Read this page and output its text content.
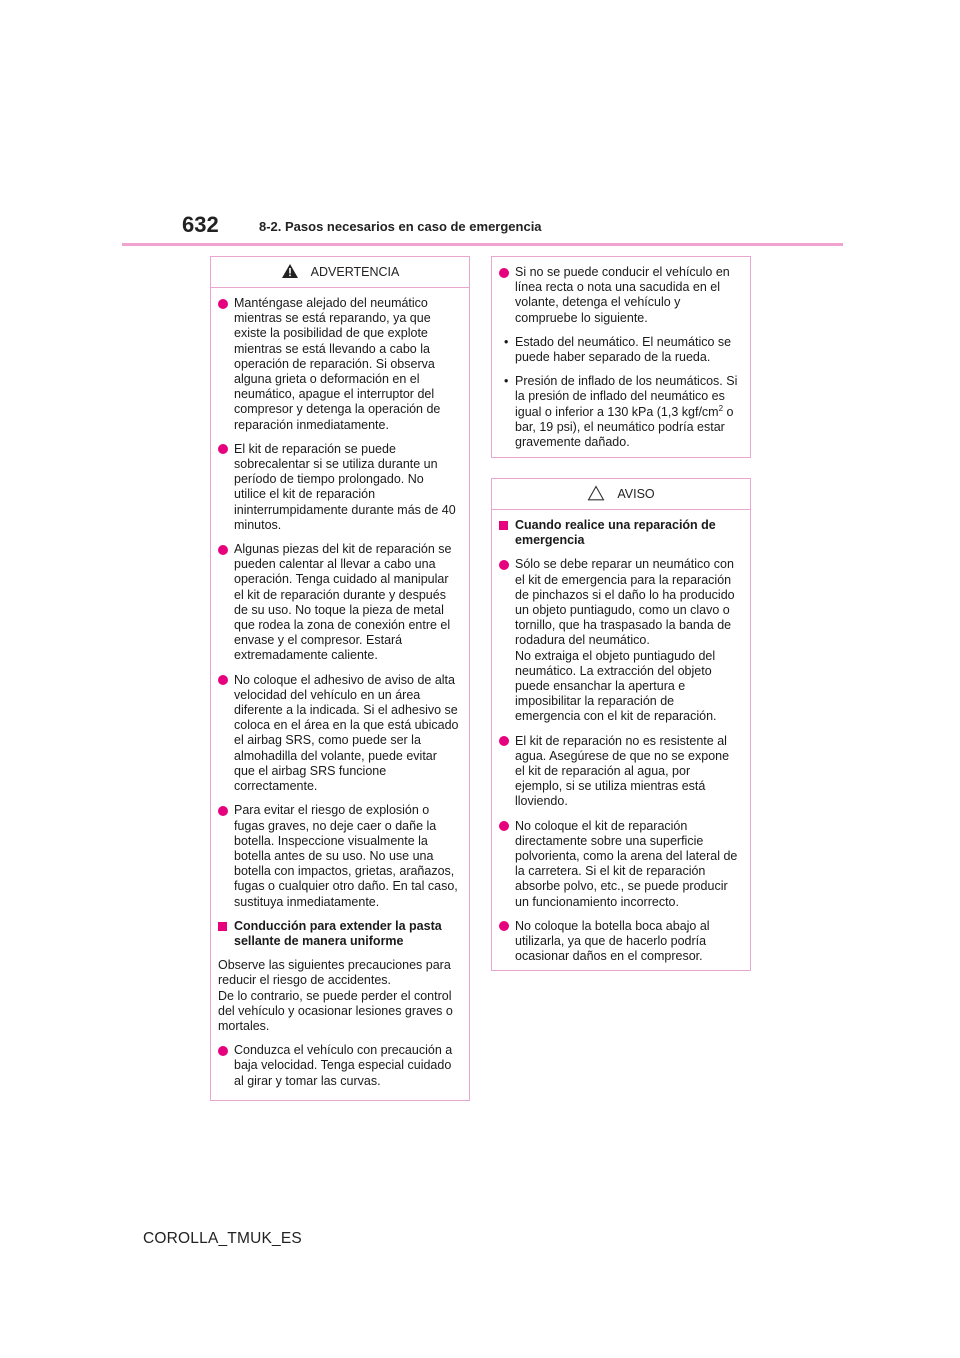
632	8-2. Pasos necesarios en caso de emergencia
ADVERTENCIA
Manténgase alejado del neumático mientras se está reparando, ya que existe la posibilidad de que explote mientras se está llevando a cabo la operación de reparación. Si observa alguna grieta o deformación en el neumático, apague el interruptor del compresor y detenga la operación de reparación inmediatamente.
El kit de reparación se puede sobrecalentar si se utiliza durante un período de tiempo prolongado. No utilice el kit de reparación ininterrumpidamente durante más de 40 minutos.
Algunas piezas del kit de reparación se pueden calentar al llevar a cabo una operación. Tenga cuidado al manipular el kit de reparación durante y después de su uso. No toque la pieza de metal que rodea la zona de conexión entre el envase y el compresor. Estará extremadamente caliente.
No coloque el adhesivo de aviso de alta velocidad del vehículo en un área diferente a la indicada. Si el adhesivo se coloca en el área en la que está ubicado el airbag SRS, como puede ser la almohadilla del volante, puede evitar que el airbag SRS funcione correctamente.
Para evitar el riesgo de explosión o fugas graves, no deje caer o dañe la botella. Inspeccione visualmente la botella antes de su uso. No use una botella con impactos, grietas, arañazos, fugas o cualquier otro daño. En tal caso, sustituya inmediatamente.
Conducción para extender la pasta sellante de manera uniforme
Observe las siguientes precauciones para reducir el riesgo de accidentes.
De lo contrario, se puede perder el control del vehículo y ocasionar lesiones graves o mortales.
Conduzca el vehículo con precaución a baja velocidad. Tenga especial cuidado al girar y tomar las curvas.
Si no se puede conducir el vehículo en línea recta o nota una sacudida en el volante, detenga el vehículo y compruebe lo siguiente.
• Estado del neumático. El neumático se puede haber separado de la rueda.
• Presión de inflado de los neumáticos. Si la presión de inflado del neumático es igual o inferior a 130 kPa (1,3 kgf/$cm^2$ o bar, 19 psi), el neumático podría estar gravemente dañado.
AVISO
Cuando realice una reparación de emergencia
Sólo se debe reparar un neumático con el kit de emergencia para la reparación de pinchazos si el daño lo ha producido un objeto puntiagudo, como un clavo o tornillo, que ha traspasado la banda de rodadura del neumático.
No extraiga el objeto puntiagudo del neumático. La extracción del objeto puede ensanchar la apertura e imposibilitar la reparación de emergencia con el kit de reparación.
El kit de reparación no es resistente al agua. Asegúrese de que no se expone el kit de reparación al agua, por ejemplo, si se utiliza mientras está lloviendo.
No coloque el kit de reparación directamente sobre una superficie polvorienta, como la arena del lateral de la carretera. Si el kit de reparación absorbe polvo, etc., se puede producir un funcionamiento incorrecto.
No coloque la botella boca abajo al utilizarla, ya que de hacerlo podría ocasionar daños en el compresor.
COROLLA_TMUK_ES
